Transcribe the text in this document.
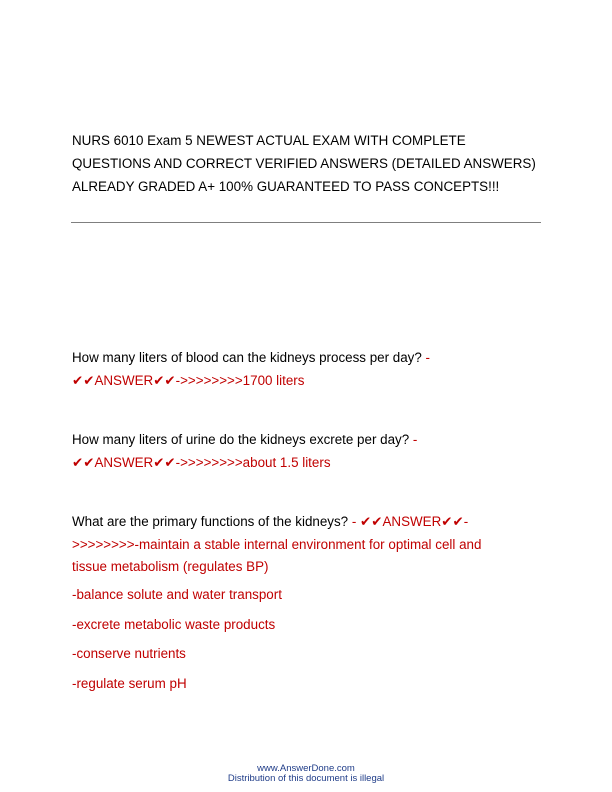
NURS 6010 Exam 5 NEWEST ACTUAL EXAM WITH COMPLETE
QUESTIONS AND CORRECT VERIFIED ANSWERS (DETAILED ANSWERS)
ALREADY GRADED A+ 100% GUARANTEED TO PASS CONCEPTS!!!
How many liters of blood can the kidneys process per day? -
✔✔ANSWER✔✔->>>>>>>>1700 liters
How many liters of urine do the kidneys excrete per day? -
✔✔ANSWER✔✔->>>>>>>>about 1.5 liters
What are the primary functions of the kidneys? - ✔✔ANSWER✔✔-
>>>>>>>>-maintain a stable internal environment for optimal cell and
tissue metabolism (regulates BP)
-balance solute and water transport
-excrete metabolic waste products
-conserve nutrients
-regulate serum pH
www.AnswerDone.com
Distribution of this document is illegal
